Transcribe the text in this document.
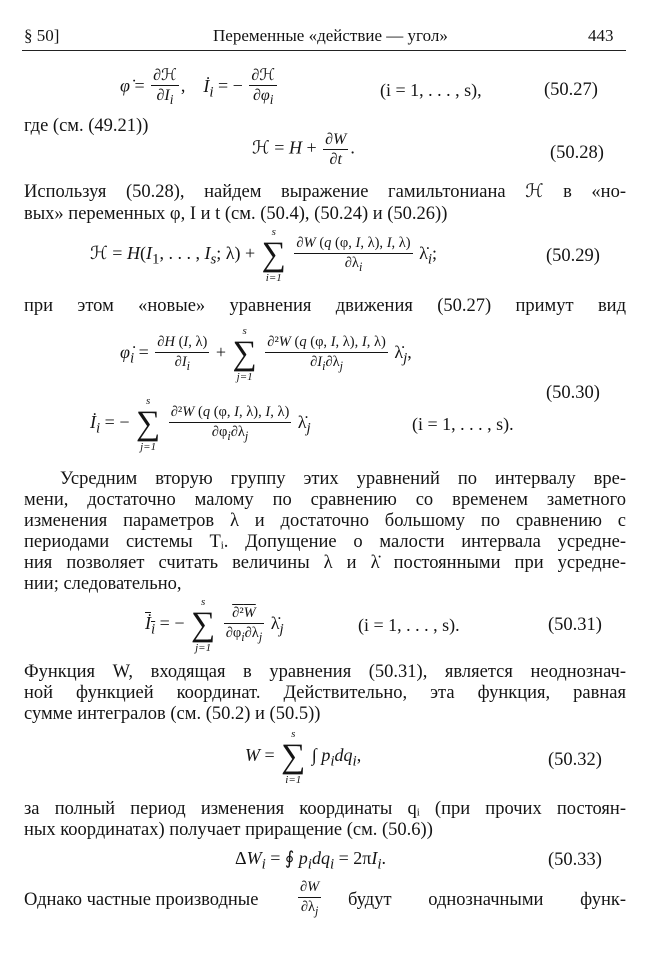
§ 50]	Переменные «действие — угол»	443
φ̇ = $\frac{\text{∂ℋ}}{\partial I_i}$ ,    $İ_i$ = − $\frac{\text{∂ℋ}}{\partial\varphi_i}$	(i = 1, . . . , s),	(50.27)
где (см. (49.21))
ℋ = $H + \frac{\partial W}{\partial t}$ .	(50.28)
Используя (50.28), найдем выражение гамильтониана ℋ в «но-
вых» переменных φ, I и t (см. (50.4), (50.24) и (50.26))
ℋ = $H(I_1$, . . . , $I_s$; λ) +
s
∑
i=1

$\frac{\partial W (q (\varphi, I, \lambda), I, \lambda)}{\partial\lambda_i}$ $\lambdȧ_i$;	(50.29)
при этом «новые» уравнения движения (50.27) примут вид
$\varphi̇_i = \frac{\partial H (I, \lambda)}{\partial I_i}$ +
s
∑
j=1

$\frac{\text{∂²W (q (φ, I, λ), I, λ)}}{\partial I_i\partial\lambda_j}$ $\lambdȧ_j$,
(50.30)
$İ_i$ = −
s
∑
j=1

$\frac{\text{∂²W (q (φ, I, λ), I, λ)}}{\partial\varphi_i\partial\lambda_j}$ $\lambdȧ_j$	(i = 1, . . . , s).
Усредним вторую группу этих уравнений по интервалу вре-
мени, достаточно малому по сравнению со временем заметного
изменения параметров λ и достаточно большому по сравнению с
периодами системы Tᵢ. Допущение о малости интервала усредне-
ния позволяет считать величины λ и λ̇ постоянными при усредне-
нии; следовательно,
$İ_i$ = −
s
∑
j=1

$\frac{\text{∂²W}}{\partial\varphi_i\partial\lambda_j}$ $\lambdȧ_j$	(i = 1, . . . , s).	(50.31)
Функция W, входящая в уравнения (50.31), является неоднознач-
ной функцией координат. Действительно, эта функция, равная
сумме интегралов (см. (50.2) и (50.5))
W =
s
∑
i=1
∫ $p_idq_i$,	(50.32)
за полный период изменения координаты qᵢ (при прочих постоян-
ных координатах) получает приращение (см. (50.6))
$\Delta W_i$ = ∮ $p_idq_i = 2\pi I_i$.	(50.33)
Однако частные производные	$\frac{\partial W}{\partial\lambda_j}$ будут однозначными функ-
